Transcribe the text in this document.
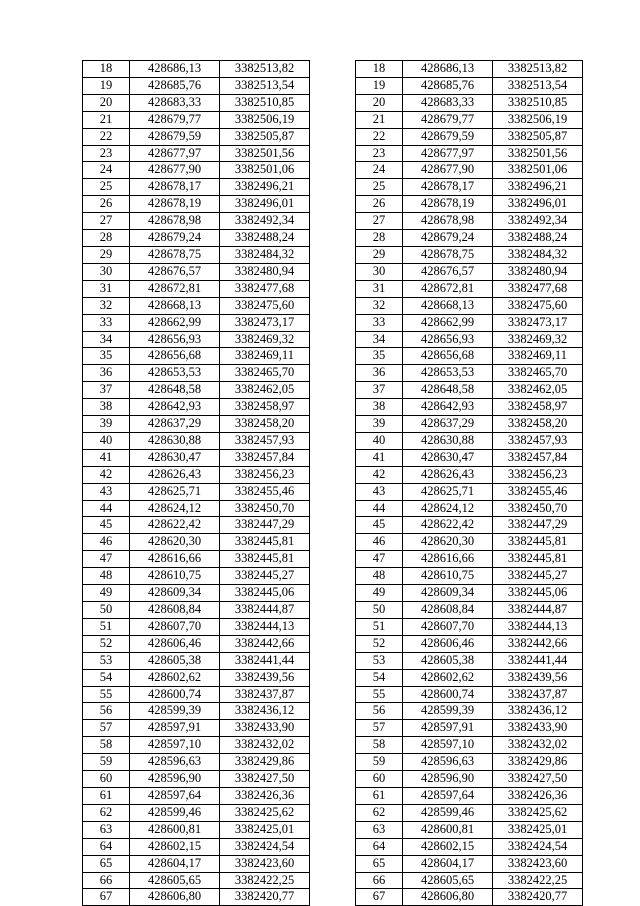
18	428686,13	3382513,82		18	428686,13	3382513,82
19	428685,76	3382513,54		19	428685,76	3382513,54
20	428683,33	3382510,85		20	428683,33	3382510,85
21	428679,77	3382506,19		21	428679,77	3382506,19
22	428679,59	3382505,87		22	428679,59	3382505,87
23	428677,97	3382501,56		23	428677,97	3382501,56
24	428677,90	3382501,06		24	428677,90	3382501,06
25	428678,17	3382496,21		25	428678,17	3382496,21
26	428678,19	3382496,01		26	428678,19	3382496,01
27	428678,98	3382492,34		27	428678,98	3382492,34
28	428679,24	3382488,24		28	428679,24	3382488,24
29	428678,75	3382484,32		29	428678,75	3382484,32
30	428676,57	3382480,94		30	428676,57	3382480,94
31	428672,81	3382477,68		31	428672,81	3382477,68
32	428668,13	3382475,60		32	428668,13	3382475,60
33	428662,99	3382473,17		33	428662,99	3382473,17
34	428656,93	3382469,32		34	428656,93	3382469,32
35	428656,68	3382469,11		35	428656,68	3382469,11
36	428653,53	3382465,70		36	428653,53	3382465,70
37	428648,58	3382462,05		37	428648,58	3382462,05
38	428642,93	3382458,97		38	428642,93	3382458,97
39	428637,29	3382458,20		39	428637,29	3382458,20
40	428630,88	3382457,93		40	428630,88	3382457,93
41	428630,47	3382457,84		41	428630,47	3382457,84
42	428626,43	3382456,23		42	428626,43	3382456,23
43	428625,71	3382455,46		43	428625,71	3382455,46
44	428624,12	3382450,70		44	428624,12	3382450,70
45	428622,42	3382447,29		45	428622,42	3382447,29
46	428620,30	3382445,81		46	428620,30	3382445,81
47	428616,66	3382445,81		47	428616,66	3382445,81
48	428610,75	3382445,27		48	428610,75	3382445,27
49	428609,34	3382445,06		49	428609,34	3382445,06
50	428608,84	3382444,87		50	428608,84	3382444,87
51	428607,70	3382444,13		51	428607,70	3382444,13
52	428606,46	3382442,66		52	428606,46	3382442,66
53	428605,38	3382441,44		53	428605,38	3382441,44
54	428602,62	3382439,56		54	428602,62	3382439,56
55	428600,74	3382437,87		55	428600,74	3382437,87
56	428599,39	3382436,12		56	428599,39	3382436,12
57	428597,91	3382433,90		57	428597,91	3382433,90
58	428597,10	3382432,02		58	428597,10	3382432,02
59	428596,63	3382429,86		59	428596,63	3382429,86
60	428596,90	3382427,50		60	428596,90	3382427,50
61	428597,64	3382426,36		61	428597,64	3382426,36
62	428599,46	3382425,62		62	428599,46	3382425,62
63	428600,81	3382425,01		63	428600,81	3382425,01
64	428602,15	3382424,54		64	428602,15	3382424,54
65	428604,17	3382423,60		65	428604,17	3382423,60
66	428605,65	3382422,25		66	428605,65	3382422,25
67	428606,80	3382420,77		67	428606,80	3382420,77
